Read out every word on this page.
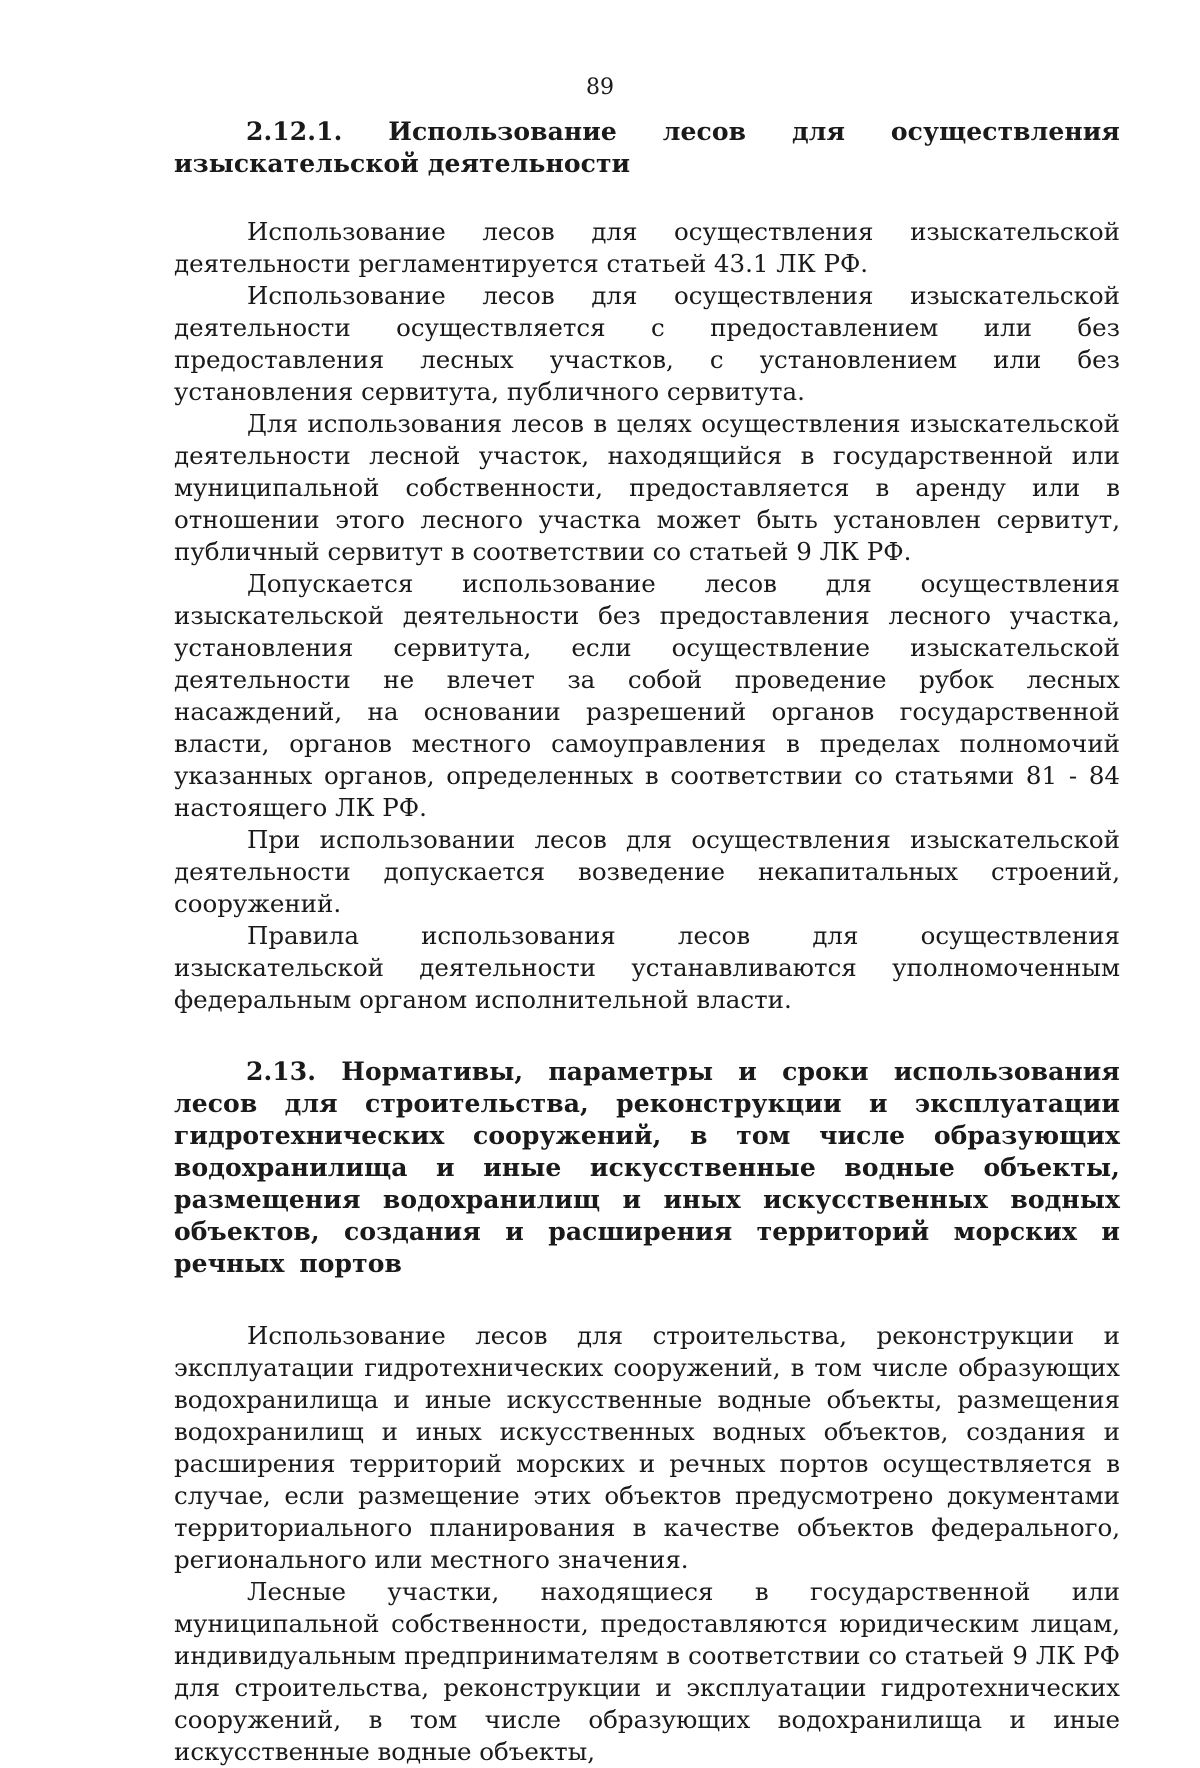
89
2.12.1. Использование лесов для осуществления изыскательской деятельности

Использование лесов для осуществления изыскательской деятельности регламентируется статьей 43.1 ЛК РФ.

Использование лесов для осуществления изыскательской деятельности осуществляется с предоставлением или без предоставления лесных участков, с установлением или без установления сервитута, публичного сервитута.

Для использования лесов в целях осуществления изыскательской деятельности лесной участок, находящийся в государственной или муниципальной собственности, предоставляется в аренду или в отношении этого лесного участка может быть установлен сервитут, публичный сервитут в соответствии со статьей 9 ЛК РФ.

Допускается использование лесов для осуществления изыскательской деятельности без предоставления лесного участка, установления сервитута, если осуществление изыскательской деятельности не влечет за собой проведение рубок лесных насаждений, на основании разрешений органов государственной власти, органов местного самоуправления в пределах полномочий указанных органов, определенных в соответствии со статьями 81 - 84 настоящего ЛК РФ.

При использовании лесов для осуществления изыскательской деятельности допускается возведение некапитальных строений, сооружений.

Правила использования лесов для осуществления изыскательской деятельности устанавливаются уполномоченным федеральным органом исполнительной власти.

2.13. Нормативы, параметры и сроки использования лесов для строительства, реконструкции и эксплуатации гидротехнических сооружений, в том числе образующих водохранилища и иные искусственные водные объекты, размещения водохранилищ и иных искусственных водных объектов, создания и расширения территорий морских и речных портов

Использование лесов для строительства, реконструкции и эксплуатации гидротехнических сооружений, в том числе образующих водохранилища и иные искусственные водные объекты, размещения водохранилищ и иных искусственных водных объектов, создания и расширения территорий морских и речных портов осуществляется в случае, если размещение этих объектов предусмотрено документами территориального планирования в качестве объектов федерального, регионального или местного значения.

Лесные участки, находящиеся в государственной или муниципальной собственности, предоставляются юридическим лицам, индивидуальным предпринимателям в соответствии со статьей 9 ЛК РФ для строительства, реконструкции и эксплуатации гидротехнических сооружений, в том числе образующих водохранилища и иные искусственные водные объекты,
